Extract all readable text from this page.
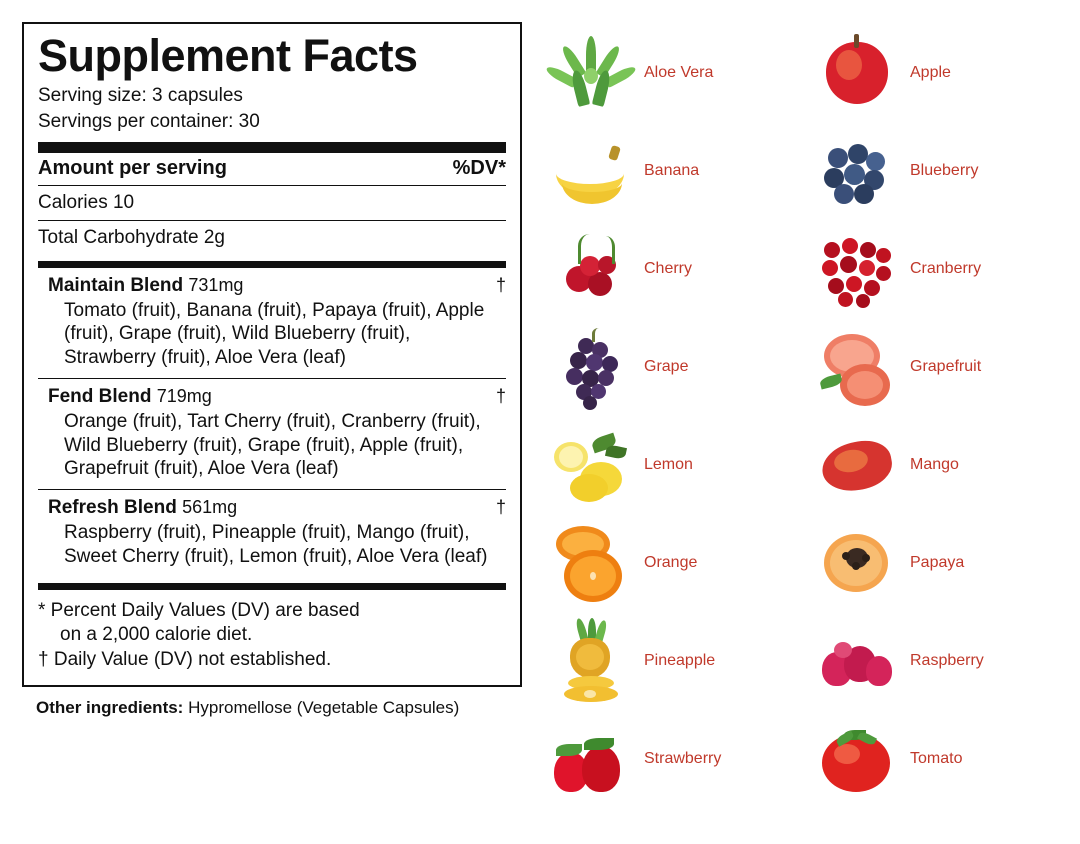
Supplement Facts
Serving size: 3 capsules
Servings per container: 30
Amount per serving	%DV*
Calories 10
Total Carbohydrate 2g
Maintain Blend 731mg	†
Tomato (fruit), Banana (fruit), Papaya (fruit), Apple (fruit), Grape (fruit), Wild Blueberry (fruit), Strawberry (fruit), Aloe Vera (leaf)
Fend Blend 719mg	†
Orange (fruit), Tart Cherry (fruit), Cranberry (fruit), Wild Blueberry (fruit), Grape (fruit), Apple (fruit), Grapefruit (fruit), Aloe Vera (leaf)
Refresh Blend 561mg	†
Raspberry (fruit), Pineapple (fruit), Mango (fruit), Sweet Cherry (fruit), Lemon (fruit), Aloe Vera (leaf)
* Percent Daily Values (DV) are based
on a 2,000 calorie diet.
† Daily Value (DV) not established.
Other ingredients: Hypromellose (Vegetable Capsules)
Aloe Vera
Banana
Cherry
Grape
Lemon
Orange
Pineapple
Strawberry
Apple
Blueberry
Cranberry
Grapefruit
Mango
Papaya
Raspberry
Tomato
